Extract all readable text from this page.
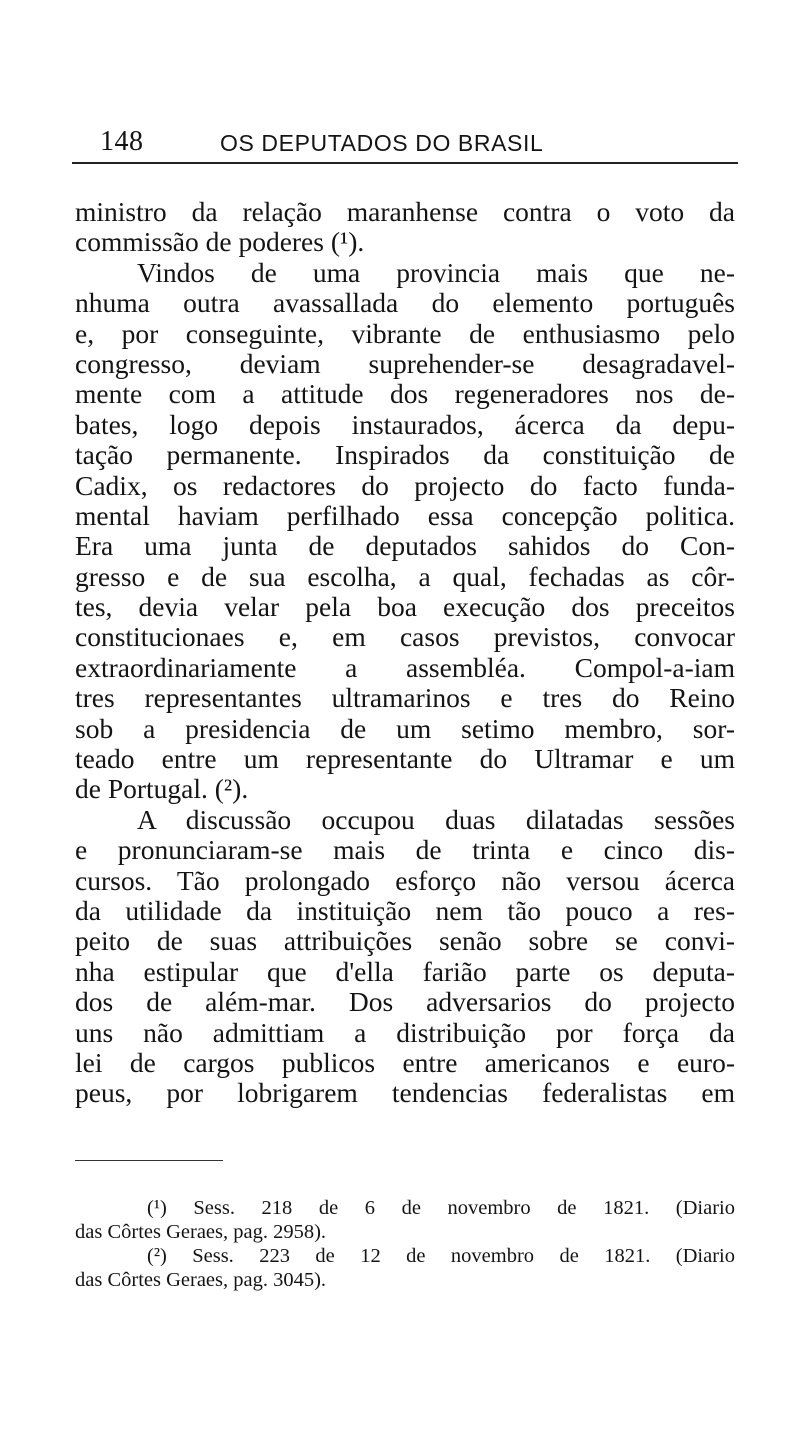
148	OS DEPUTADOS DO BRASIL
ministro da relação maranhense contra o voto da
commissão de poderes (¹).
Vindos de uma provincia mais que ne-
nhuma outra avassallada do elemento português
e, por conseguinte, vibrante de enthusiasmo pelo
congresso, deviam suprehender-se desagradavel-
mente com a attitude dos regeneradores nos de-
bates, logo depois instaurados, ácerca da depu-
tação permanente. Inspirados da constituição de
Cadix, os redactores do projecto do facto funda-
mental haviam perfilhado essa concepção politica.
Era uma junta de deputados sahidos do Con-
gresso e de sua escolha, a qual, fechadas as côr-
tes, devia velar pela boa execução dos preceitos
constitucionaes e, em casos previstos, convocar
extraordinariamente a assembléa. Compol-a-iam
tres representantes ultramarinos e tres do Reino
sob a presidencia de um setimo membro, sor-
teado entre um representante do Ultramar e um
de Portugal. (²).
A discussão occupou duas dilatadas sessões
e pronunciaram-se mais de trinta e cinco dis-
cursos. Tão prolongado esforço não versou ácerca
da utilidade da instituição nem tão pouco a res-
peito de suas attribuições senão sobre se convi-
nha estipular que d'ella farião parte os deputa-
dos de além-mar. Dos adversarios do projecto
uns não admittiam a distribuição por força da
lei de cargos publicos entre americanos e euro-
peus, por lobrigarem tendencias federalistas em
(¹) Sess. 218 de 6 de novembro de 1821. (Diario
das Côrtes Geraes, pag. 2958).
(²) Sess. 223 de 12 de novembro de 1821. (Diario
das Côrtes Geraes, pag. 3045).
